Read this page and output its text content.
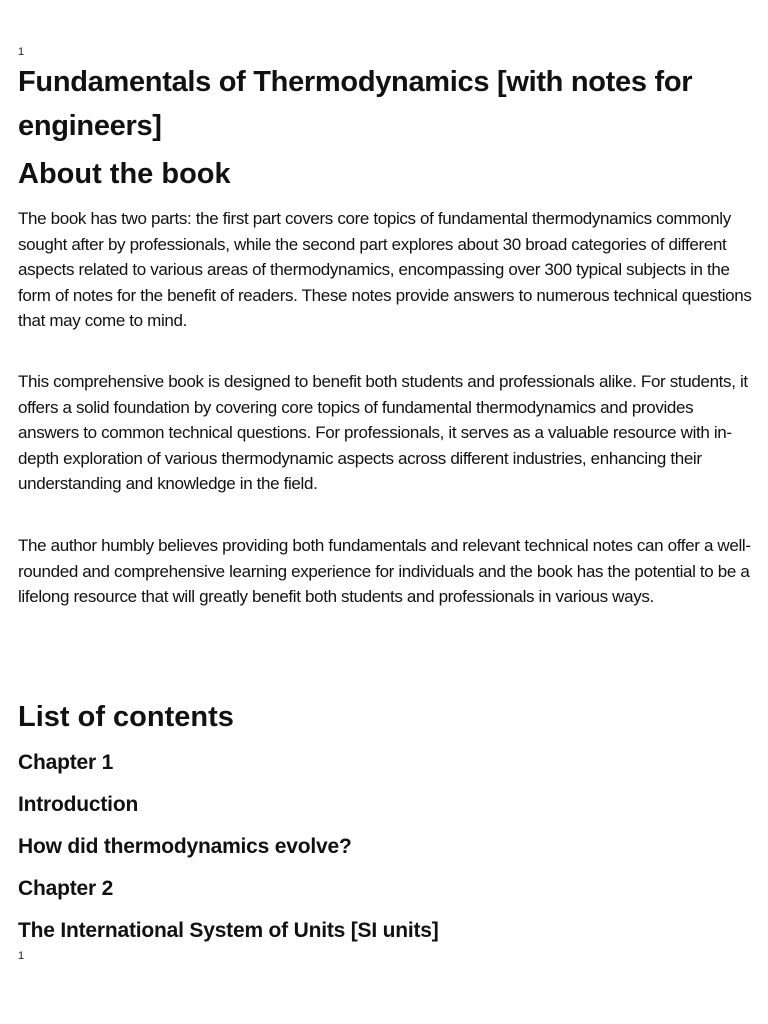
1
Fundamentals of Thermodynamics [with notes for engineers]
About the book

The book has two parts: the first part covers core topics of fundamental thermodynamics commonly sought after by professionals, while the second part explores about 30 broad categories of different aspects related to various areas of thermodynamics, encompassing over 300 typical subjects in the form of notes for the benefit of readers. These notes provide answers to numerous technical questions that may come to mind.

This comprehensive book is designed to benefit both students and professionals alike. For students, it offers a solid foundation by covering core topics of fundamental thermodynamics and provides answers to common technical questions. For professionals, it serves as a valuable resource with in-depth exploration of various thermodynamic aspects across different industries, enhancing their understanding and knowledge in the field.

The author humbly believes providing both fundamentals and relevant technical notes can offer a well-rounded and comprehensive learning experience for individuals and the book has the potential to be a lifelong resource that will greatly benefit both students and professionals in various ways.

List of contents
Chapter 1
Introduction
How did thermodynamics evolve?
Chapter 2
The International System of Units [SI units]
1
